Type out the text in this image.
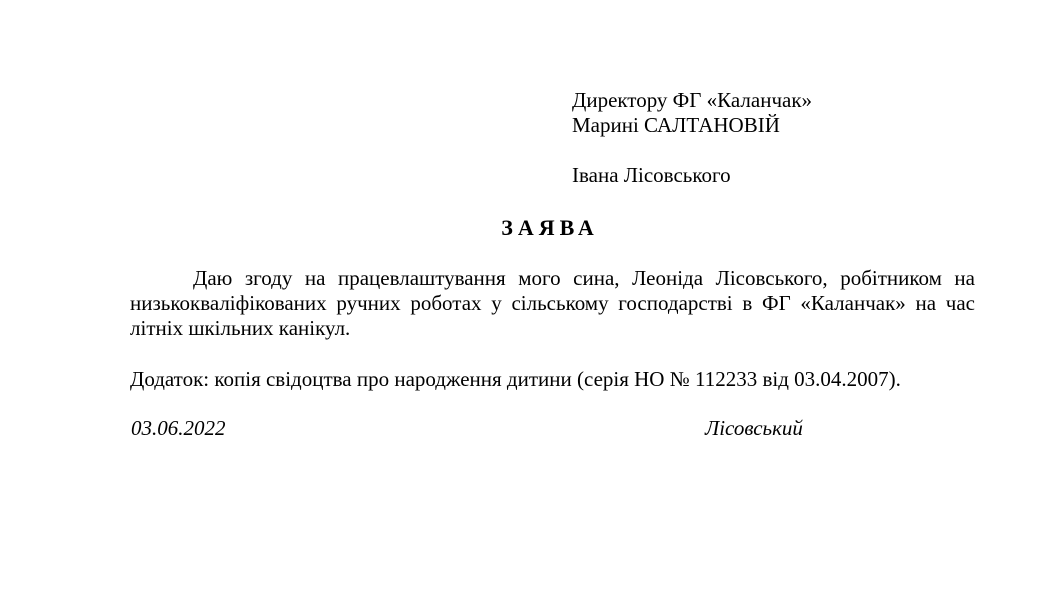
Директору ФГ «Каланчак»
Марині САЛТАНОВІЙ
Івана Лісовського
ЗАЯВА

Даю згоду на працевлаштування мого сина, Леоніда Лісовського, робітником на низькокваліфікованих ручних роботах у сільському господарстві в ФГ «Каланчак» на час літніх шкільних канікул.

Додаток: копія свідоцтва про народження дитини (серія НО № 112233 від 03.04.2007).

03.06.2022	Лісовський
